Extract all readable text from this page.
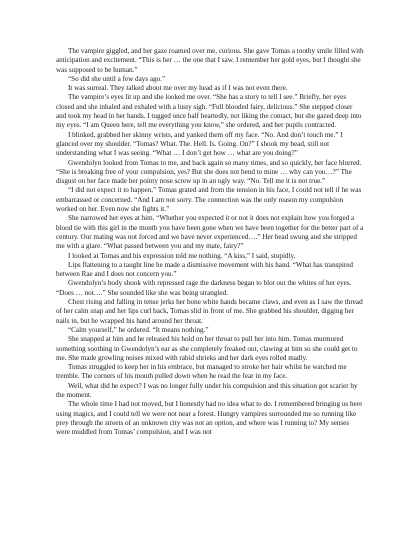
The vampire giggled, and her gaze roamed over me, curious. She gave Tomas a toothy smile filled with anticipation and excitement. “This is her … the one that I saw. I remember her gold eyes, but I thought she was supposed to be human.”

“So did she until a few days ago.”

It was surreal. They talked about me over my head as if I was not even there.

The vampire’s eyes lit up and she looked me over. “She has a story to tell I see.” Briefly, her eyes closed and she inhaled and exhaled with a lusty sigh. “Full blooded fairy, delicious.” She stepped closer and took my head in her hands. I tugged once half heartedly, not liking the contact, but she gazed deep into my eyes. “I am Queen here, tell me everything you know,” she ordered, and her pupils contracted.

I blinked, grabbed her skinny wrists, and yanked them off my face. “No. And don’t touch me.” I glanced over my shoulder. “Tomas? What. The. Hell. Is. Going. On?” I shook my head, still not understanding what I was seeing. “What … I don’t get how … what are you doing?”

Gwendolyn looked from Tomas to me, and back again so many times, and so quickly, her face blurred. “She is breaking free of your compulsion, yes? But she does not bend to mine … why can you…?” The disgust on her face made her pointy nose screw up in an ugly way. “No. Tell me it is not true.”

“I did not expect it to happen,” Tomas grated and from the tension in his face, I could not tell if he was embarrassed or concerned. “And I am not sorry. The connection was the only reason my compulsion worked on her. Even now she fights it.”

She narrowed her eyes at him. “Whether you expected it or not it does not explain how you forged a blood tie with this girl in the month you have been gone when we have been together for the better part of a century. Our mating was not forced and we have never experienced….” Her head swung and she stripped me with a glare. “What passed between you and my mate, fairy?”

I looked at Tomas and his expression told me nothing. “A kiss,” I said, stupidly.

Lips flattening to a taught line he made a dismissive movement with his hand. “What has transpired between Rae and I does not concern you.”

Gwendolyn’s body shook with repressed rage the darkness began to blot out the whites of her eyes. “Does … not….” She sounded like she was being strangled.

Chest rising and falling in tense jerks her bone white hands became claws, and even as I saw the thread of her calm snap and her lips curl back, Tomas slid in front of me. She grabbed his shoulder, digging her nails in, but he wrapped his hand around her throat.

“Calm yourself,” he ordered. “It means nothing.”

She snapped at him and he released his hold on her throat to pull her into him. Tomas murmured something soothing in Gwendolyn’s ear as she completely freaked out, clawing at him so she could get to me. She made growling noises mixed with rabid shrieks and her dark eyes rolled madly.

Tomas struggled to keep her in his embrace, but managed to stroke her hair whilst he watched me tremble. The corners of his mouth pulled down when he read the fear in my face.

Well, what did he expect? I was no longer fully under his compulsion and this situation got scarier by the moment.

The whole time I had not moved, but I honestly had no idea what to do. I remembered bringing us here using magics, and I could tell we were not near a forest. Hungry vampires surrounded me so running like prey through the streets of an unknown city was not an option, and where was I running to? My senses were muddled from Tomas’ compulsion, and I was not
